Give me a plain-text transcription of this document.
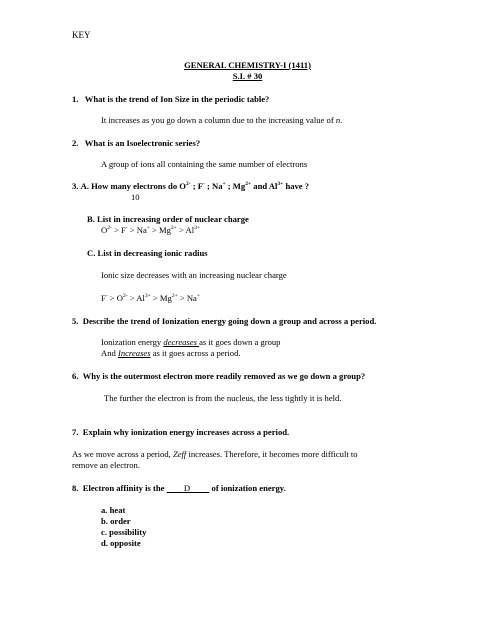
KEY
GENERAL CHEMISTRY-I (1411)
S.I. # 30
1. What is the trend of Ion Size in the periodic table?
It increases as you go down a column due to the increasing value of n.
2. What is an Isoelectronic series?
A group of ions all containing the same number of electrons
3. A. How many electrons do $O^{2-}$ ; F- ; Na+ ; $Mg^{2+}$ and $Al^{3+}$ have ?
10
B. List in increasing order of nuclear charge
$O^{2-} > F^- > Na^+ > Mg^{2+} > Al^{3+}$
C. List in decreasing ionic radius
Ionic size decreases with an increasing nuclear charge
$F^- > O^{2-} > Al^{3+} > Mg^{2+} > Na^+$
5. Describe the trend of Ionization energy going down a group and across a period.
Ionization energy decreases as it goes down a group
And Increases as it goes across a period.
6. Why is the outermost electron more readily removed as we go down a group?
The further the electron is from the nucleus, the less tightly it is held.
7. Explain why ionization energy increases across a period.
As we move across a period, Zeff increases. Therefore, it becomes more difficult to
remove an electron.
8. Electron affinity is the         D          of ionization energy.
a. heat
b. order
c. possibility
d. opposite
